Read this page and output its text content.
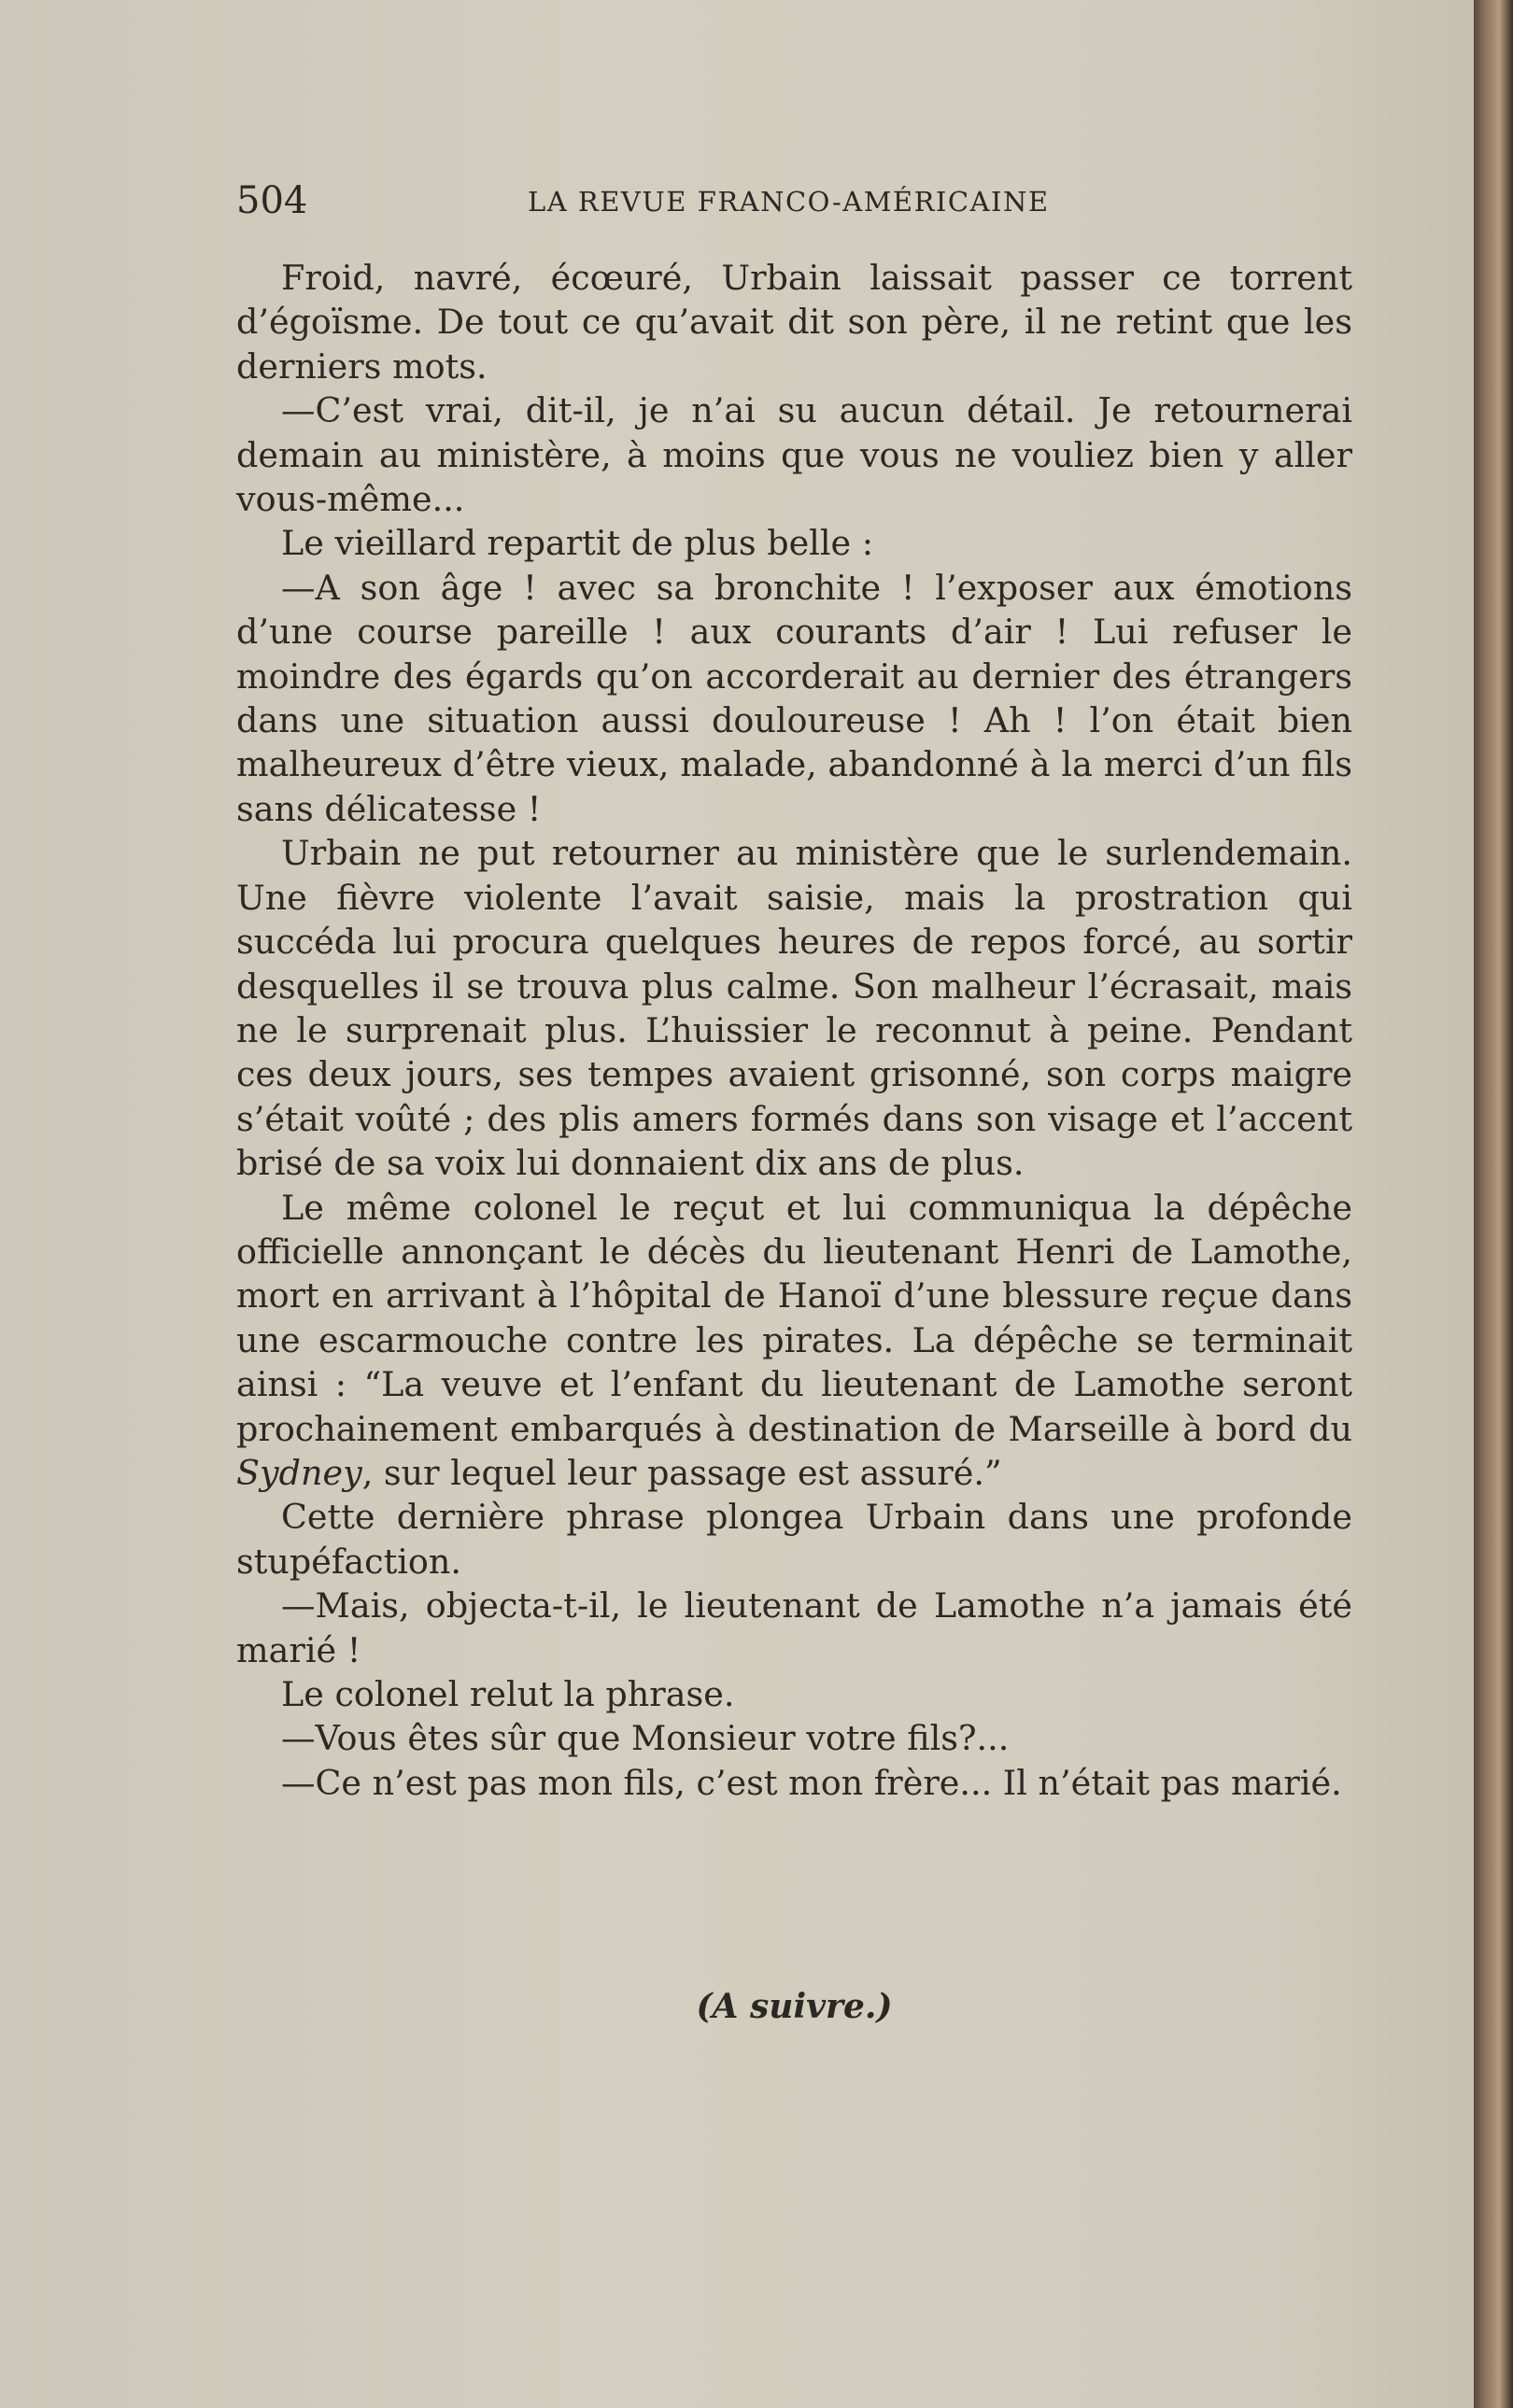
504	LA REVUE FRANCO-AMÉRICAINE

Froid, navré, écœuré, Urbain laissait passer ce torrent d’égoïsme. De tout ce qu’avait dit son père, il ne retint que les derniers mots.

—C’est vrai, dit-il, je n’ai su aucun détail. Je retournerai demain au ministère, à moins que vous ne vouliez bien y aller vous-même...

Le vieillard repartit de plus belle :

—A son âge ! avec sa bronchite ! l’exposer aux émotions d’une course pareille ! aux courants d’air ! Lui refuser le moindre des égards qu’on accorderait au dernier des étrangers dans une situation aussi douloureuse ! Ah ! l’on était bien malheureux d’être vieux, malade, abandonné à la merci d’un fils sans délicatesse !

Urbain ne put retourner au ministère que le surlendemain. Une fièvre violente l’avait saisie, mais la prostration qui succéda lui procura quelques heures de repos forcé, au sortir desquelles il se trouva plus calme. Son malheur l’écrasait, mais ne le surprenait plus. L’huissier le reconnut à peine. Pendant ces deux jours, ses tempes avaient grisonné, son corps maigre s’était voûté ; des plis amers formés dans son visage et l’accent brisé de sa voix lui donnaient dix ans de plus.

Le même colonel le reçut et lui communiqua la dépêche officielle annonçant le décès du lieutenant Henri de Lamothe, mort en arrivant à l’hôpital de Hanoï d’une blessure reçue dans une escarmouche contre les pirates. La dépêche se terminait ainsi : “La veuve et l’enfant du lieutenant de Lamothe seront prochainement embarqués à destination de Marseille à bord du Sydney, sur lequel leur passage est assuré.”

Cette dernière phrase plongea Urbain dans une profonde stupéfaction.

—Mais, objecta-t-il, le lieutenant de Lamothe n’a jamais été marié !

Le colonel relut la phrase.

—Vous êtes sûr que Monsieur votre fils?...

—Ce n’est pas mon fils, c’est mon frère... Il n’était pas marié.

(A suivre.)
